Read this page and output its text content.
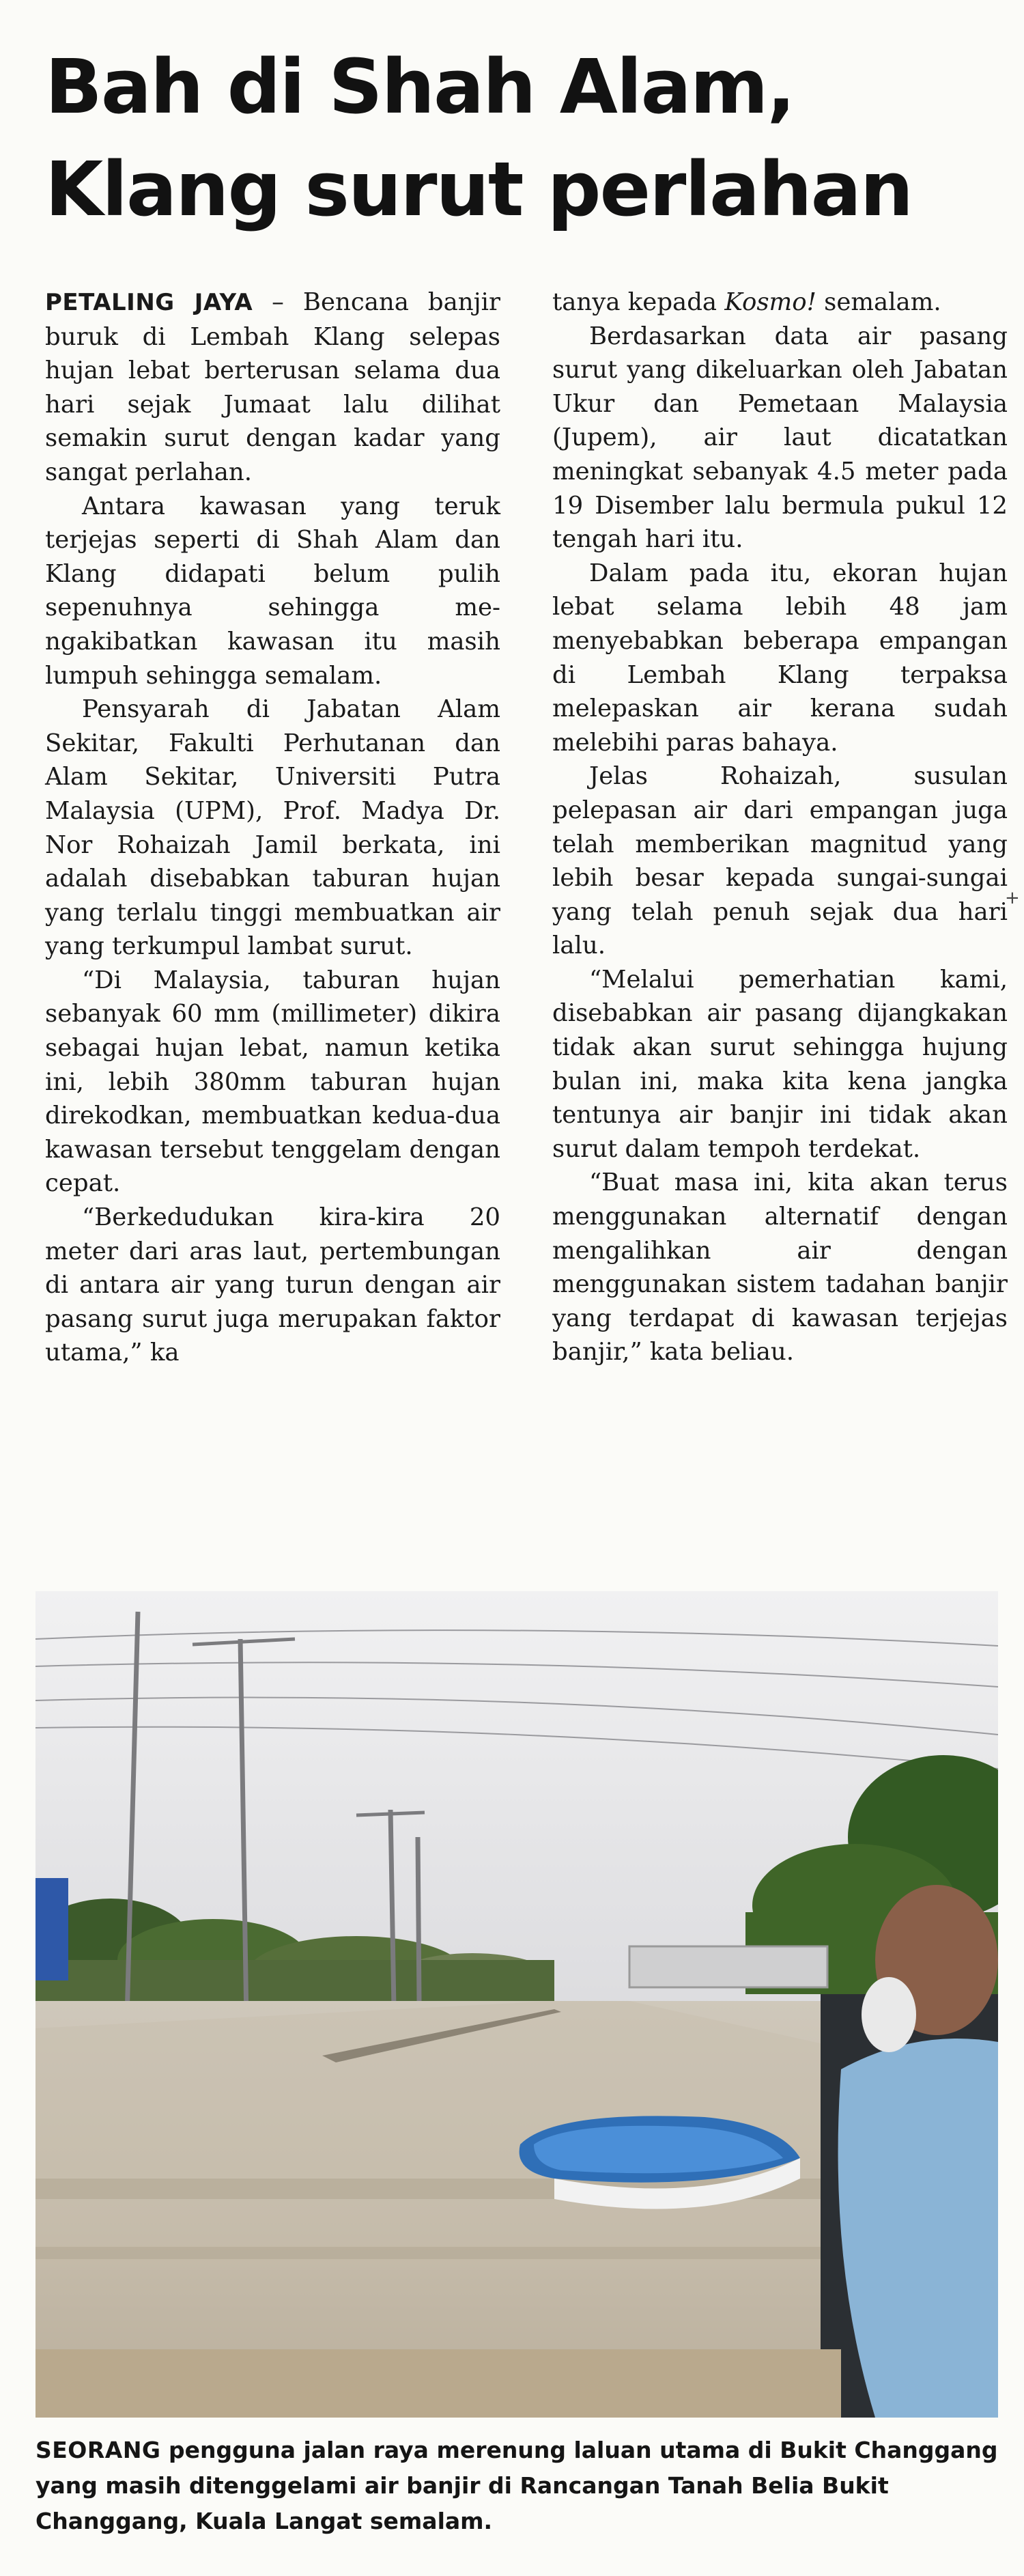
Bah di Shah Alam,
Klang surut perlahan

PETALING JAYA – Bencana banjir buruk di Lembah Klang selepas hujan lebat berterusan selama dua hari sejak Jumaat lalu dilihat semakin surut dengan kadar yang sangat perlahan.

Antara kawasan yang teruk terjejas seperti di Shah Alam dan Klang didapati belum pulih sepenuhnya sehingga mengakibatkan kawasan itu masih lumpuh sehingga semalam.

Pensyarah di Jabatan Alam Sekitar, Fakulti Perhutanan dan Alam Sekitar, Universiti Putra Malaysia (UPM), Prof. Madya Dr. Nor Rohaizah Jamil berkata, ini adalah disebabkan taburan hujan yang terlalu tinggi membuatkan air yang terkumpul lambat surut.

“Di Malaysia, taburan hujan sebanyak 60 mm (millimeter) dikira sebagai hujan lebat, namun ketika ini, lebih 380mm taburan hujan direkodkan, membuatkan kedua-dua kawasan tersebut tenggelam dengan cepat.

“Berkedudukan kira-kira 20 meter dari aras laut, pertembungan di antara air yang turun dengan air pasang surut juga merupakan faktor utama,” ka

tanya kepada Kosmo! semalam.

Berdasarkan data air pasang surut yang dikeluarkan oleh Jabatan Ukur dan Pemetaan Malaysia (Jupem), air laut dicatatkan meningkat sebanyak 4.5 meter pada 19 Disember lalu bermula pukul 12 tengah hari itu.

Dalam pada itu, ekoran hujan lebat selama lebih 48 jam menyebabkan beberapa empangan di Lembah Klang terpaksa melepaskan air kerana sudah melebihi paras bahaya.

Jelas Rohaizah, susulan pelepasan air dari empangan juga telah memberikan magnitud yang lebih besar kepada sungai-sungai yang telah penuh sejak dua hari lalu.

“Melalui pemerhatian kami, disebabkan air pasang dijangkakan tidak akan surut sehingga hujung bulan ini, maka kita kena jangka tentunya air banjir ini tidak akan surut dalam tempoh terdekat.

“Buat masa ini, kita akan terus menggunakan alternatif dengan mengalihkan air dengan menggunakan sistem tadahan banjir yang terdapat di kawasan terjejas banjir,” kata beliau.

+

SEORANG pengguna jalan raya merenung laluan utama di Bukit Changgang yang masih ditenggelami air banjir di Rancangan Tanah Belia Bukit Changgang, Kuala Langat semalam.
